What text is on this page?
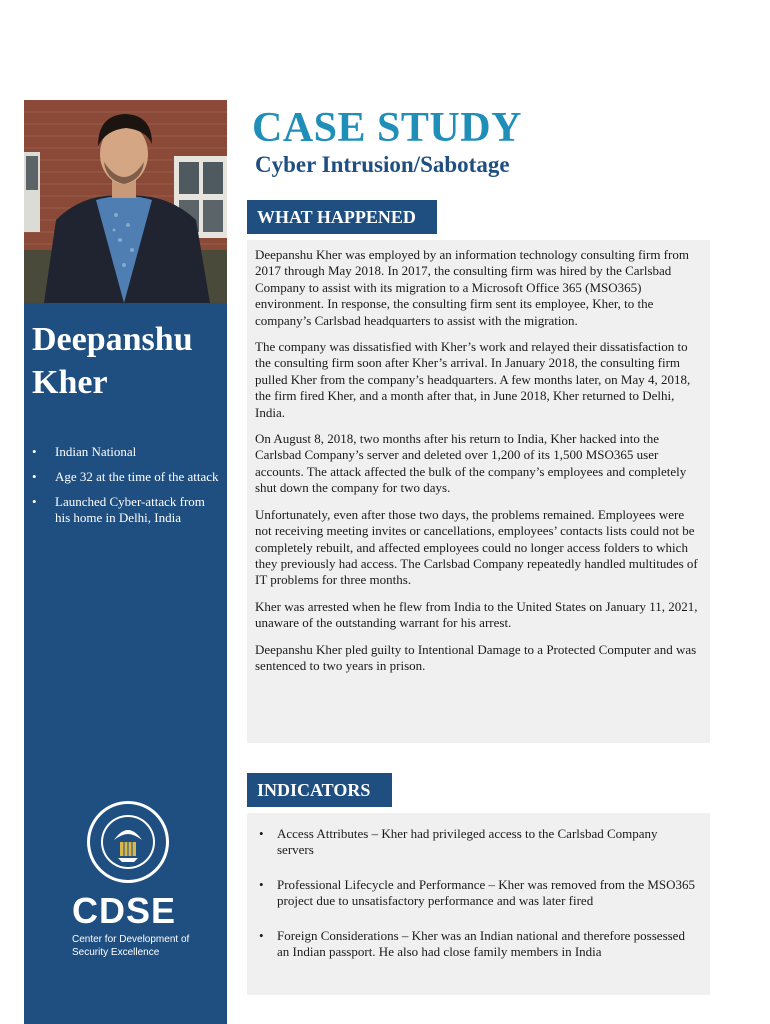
Deepanshu Kher
• Indian National
• Age 32 at the time of the attack
• Launched Cyber-attack from his home in Delhi, India
CDSE
Center for Development of Security Excellence
CASE STUDY
Cyber Intrusion/Sabotage
WHAT HAPPENED

Deepanshu Kher was employed by an information technology consulting firm from 2017 through May 2018. In 2017, the consulting firm was hired by the Carlsbad Company to assist with its migration to a Microsoft Office 365 (MSO365) environment. In response, the consulting firm sent its employee, Kher, to the company’s Carlsbad headquarters to assist with the migration.

The company was dissatisfied with Kher’s work and relayed their dissatisfaction to the consulting firm soon after Kher’s arrival. In January 2018, the consulting firm pulled Kher from the company’s headquarters. A few months later, on May 4, 2018, the firm fired Kher, and a month after that, in June 2018, Kher returned to Delhi, India.

On August 8, 2018, two months after his return to India, Kher hacked into the Carlsbad Company’s server and deleted over 1,200 of its 1,500 MSO365 user accounts. The attack affected the bulk of the company’s employees and completely shut down the company for two days.

Unfortunately, even after those two days, the problems remained. Employees were not receiving meeting invites or cancellations, employees’ contacts lists could not be completely rebuilt, and affected employees could no longer access folders to which they previously had access. The Carlsbad Company repeatedly handled multitudes of IT problems for three months.

Kher was arrested when he flew from India to the United States on January 11, 2021, unaware of the outstanding warrant for his arrest.

Deepanshu Kher pled guilty to Intentional Damage to a Protected Computer and was sentenced to two years in prison.

INDICATORS
• Access Attributes – Kher had privileged access to the Carlsbad Company servers
• Professional Lifecycle and Performance – Kher was removed from the MSO365 project due to unsatisfactory performance and was later fired
• Foreign Considerations – Kher was an Indian national and therefore possessed an Indian passport. He also had close family members in India
